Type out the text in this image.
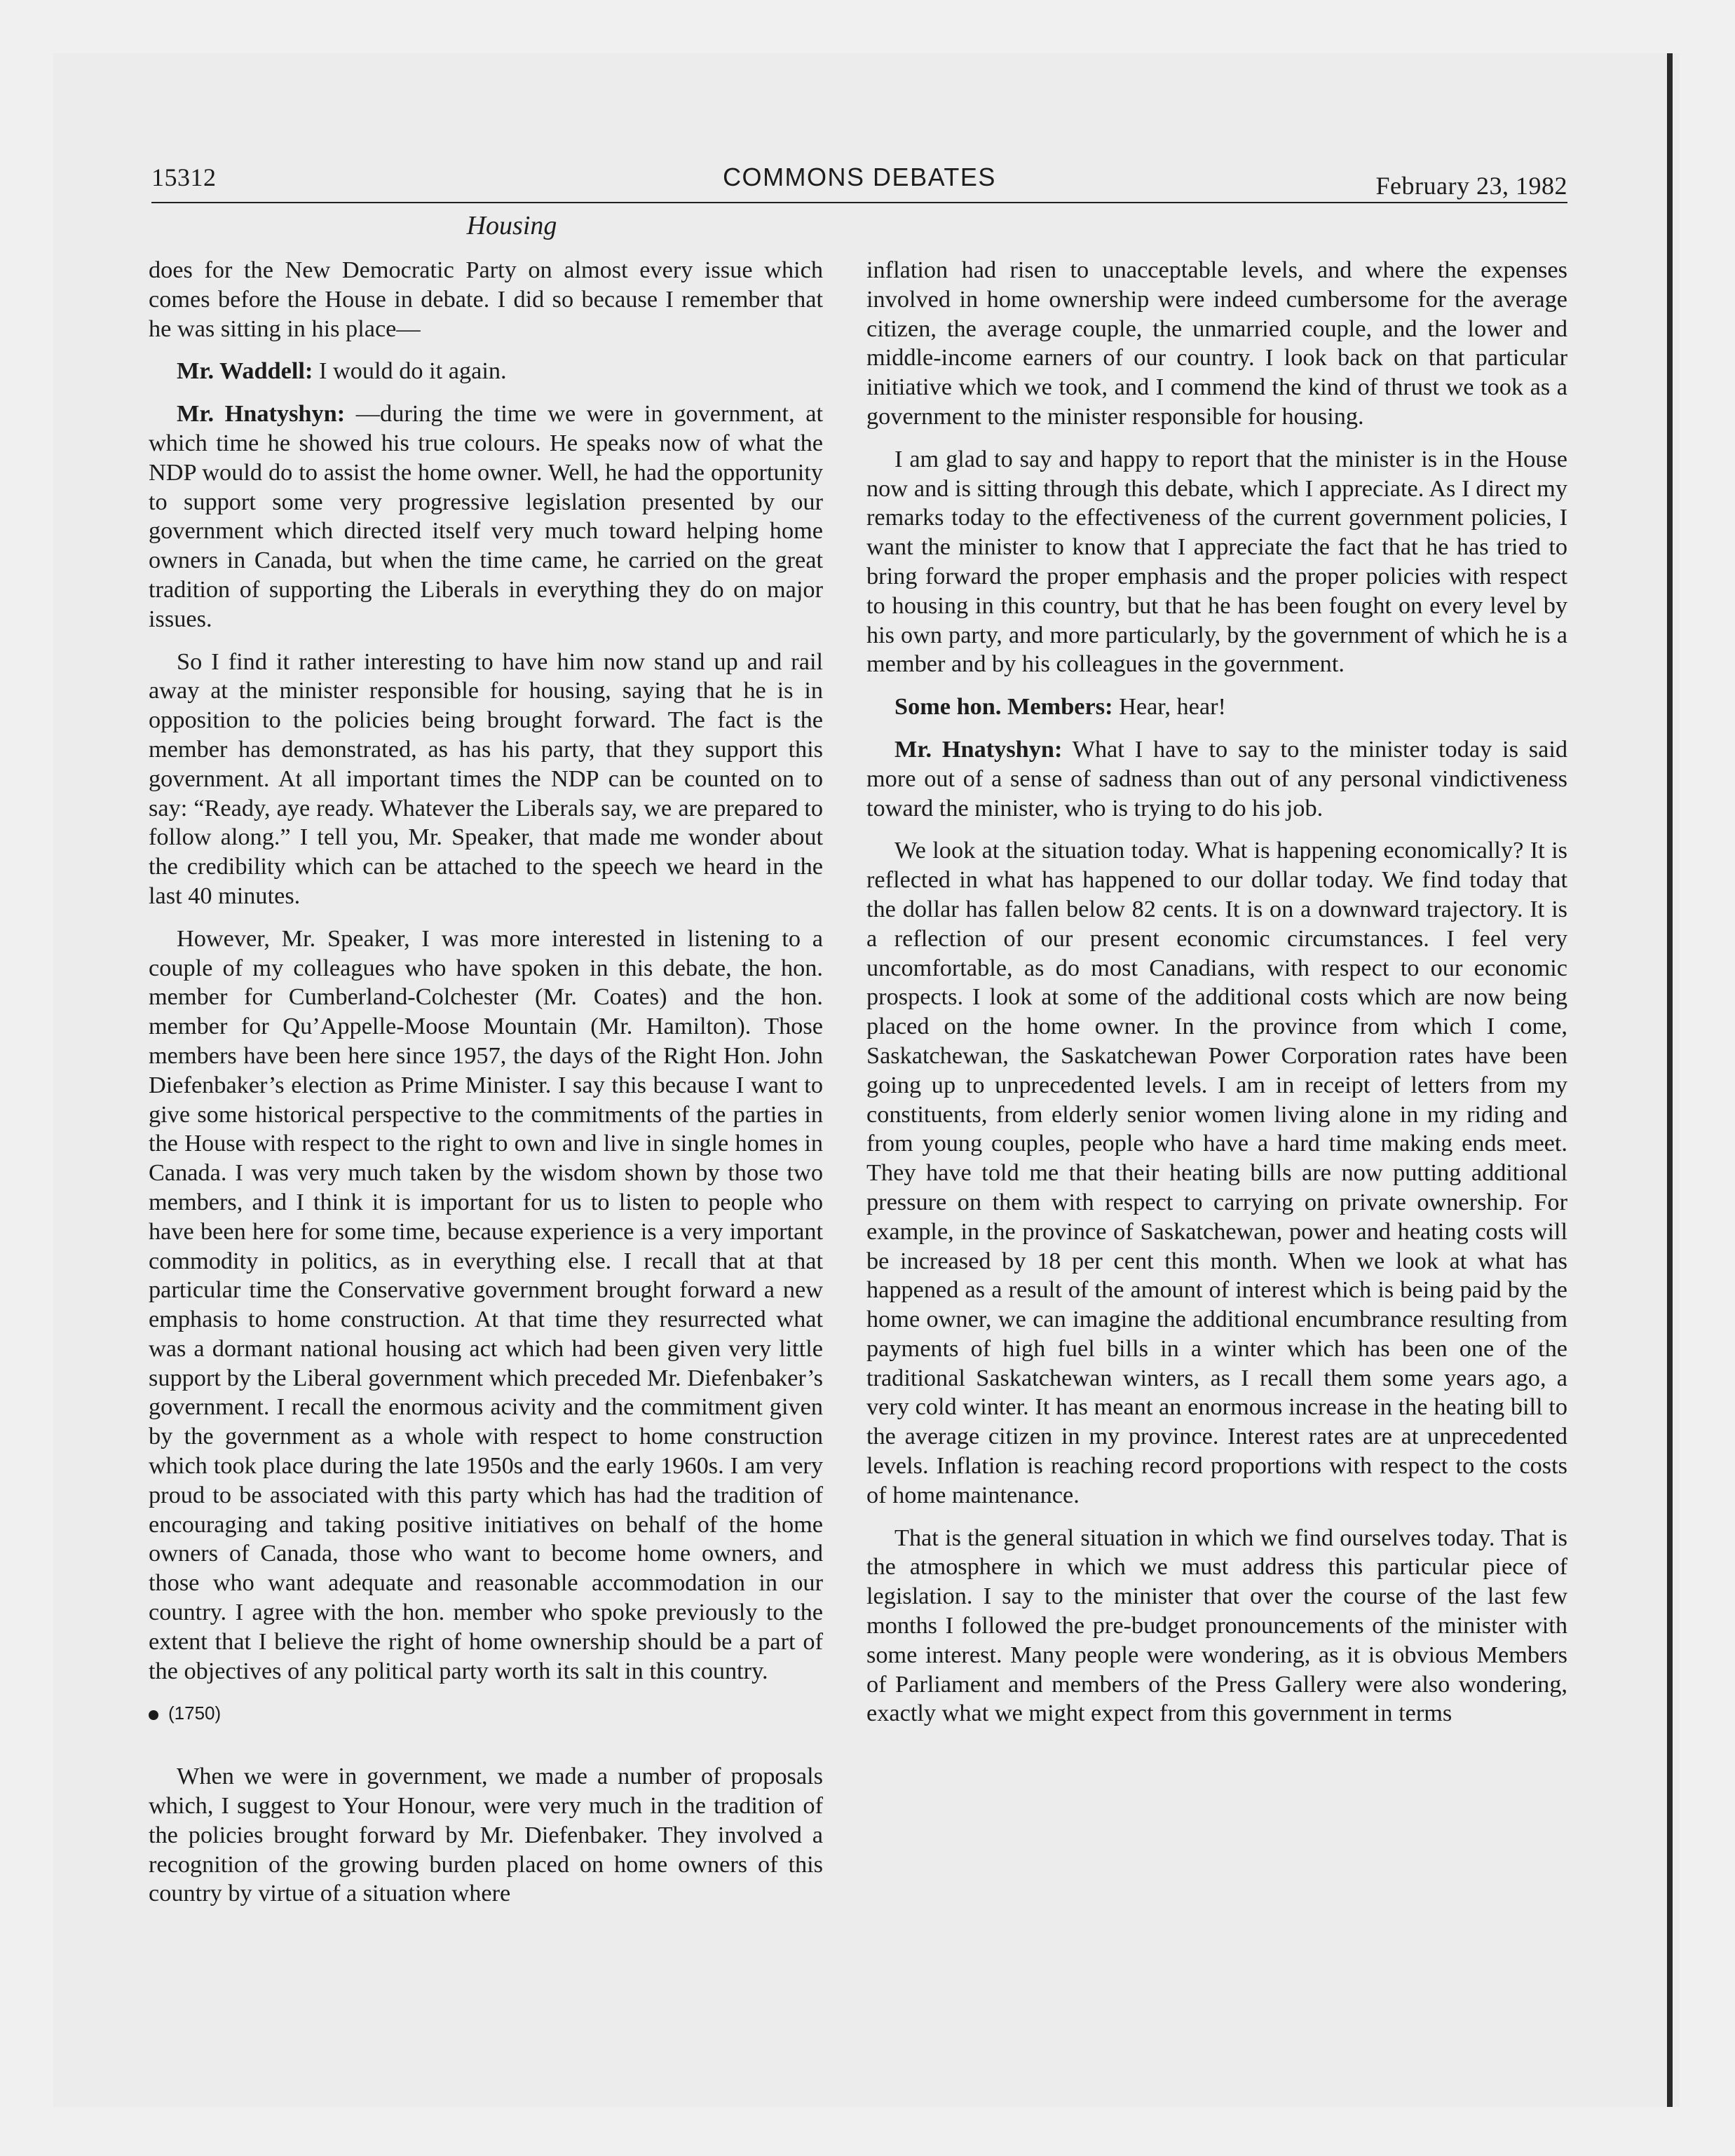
15312	COMMONS DEBATES	February 23, 1982
Housing

does for the New Democratic Party on almost every issue which comes before the House in debate. I did so because I remember that he was sitting in his place—

Mr. Waddell: I would do it again.

Mr. Hnatyshyn: —during the time we were in government, at which time he showed his true colours. He speaks now of what the NDP would do to assist the home owner. Well, he had the opportunity to support some very progressive legislation presented by our government which directed itself very much toward helping home owners in Canada, but when the time came, he carried on the great tradition of supporting the Liberals in everything they do on major issues.

So I find it rather interesting to have him now stand up and rail away at the minister responsible for housing, saying that he is in opposition to the policies being brought forward. The fact is the member has demonstrated, as has his party, that they support this government. At all important times the NDP can be counted on to say: “Ready, aye ready. Whatever the Liberals say, we are prepared to follow along.” I tell you, Mr. Speaker, that made me wonder about the credibility which can be attached to the speech we heard in the last 40 minutes.

However, Mr. Speaker, I was more interested in listening to a couple of my colleagues who have spoken in this debate, the hon. member for Cumberland-Colchester (Mr. Coates) and the hon. member for Qu’Appelle-Moose Mountain (Mr. Hamilton). Those members have been here since 1957, the days of the Right Hon. John Diefenbaker’s election as Prime Minister. I say this because I want to give some historical perspective to the commitments of the parties in the House with respect to the right to own and live in single homes in Canada. I was very much taken by the wisdom shown by those two members, and I think it is important for us to listen to people who have been here for some time, because experience is a very important commodity in politics, as in everything else. I recall that at that particular time the Conservative government brought forward a new emphasis to home construction. At that time they resurrected what was a dormant national housing act which had been given very little support by the Liberal government which preceded Mr. Diefenbaker’s government. I recall the enormous acivity and the commitment given by the government as a whole with respect to home construction which took place during the late 1950s and the early 1960s. I am very proud to be associated with this party which has had the tradition of encouraging and taking positive initiatives on behalf of the home owners of Canada, those who want to become home owners, and those who want adequate and reasonable accommodation in our country. I agree with the hon. member who spoke previously to the extent that I believe the right of home ownership should be a part of the objectives of any political party worth its salt in this country.

(1750)

When we were in government, we made a number of proposals which, I suggest to Your Honour, were very much in the tradition of the policies brought forward by Mr. Diefenbaker. They involved a recognition of the growing burden placed on home owners of this country by virtue of a situation where

inflation had risen to unacceptable levels, and where the expenses involved in home ownership were indeed cumbersome for the average citizen, the average couple, the unmarried couple, and the lower and middle-income earners of our country. I look back on that particular initiative which we took, and I commend the kind of thrust we took as a government to the minister responsible for housing.

I am glad to say and happy to report that the minister is in the House now and is sitting through this debate, which I appreciate. As I direct my remarks today to the effectiveness of the current government policies, I want the minister to know that I appreciate the fact that he has tried to bring forward the proper emphasis and the proper policies with respect to housing in this country, but that he has been fought on every level by his own party, and more particularly, by the government of which he is a member and by his colleagues in the government.

Some hon. Members: Hear, hear!

Mr. Hnatyshyn: What I have to say to the minister today is said more out of a sense of sadness than out of any personal vindictiveness toward the minister, who is trying to do his job.

We look at the situation today. What is happening economically? It is reflected in what has happened to our dollar today. We find today that the dollar has fallen below 82 cents. It is on a downward trajectory. It is a reflection of our present economic circumstances. I feel very uncomfortable, as do most Canadians, with respect to our economic prospects. I look at some of the additional costs which are now being placed on the home owner. In the province from which I come, Saskatchewan, the Saskatchewan Power Corporation rates have been going up to unprecedented levels. I am in receipt of letters from my constituents, from elderly senior women living alone in my riding and from young couples, people who have a hard time making ends meet. They have told me that their heating bills are now putting additional pressure on them with respect to carrying on private ownership. For example, in the province of Saskatchewan, power and heating costs will be increased by 18 per cent this month. When we look at what has happened as a result of the amount of interest which is being paid by the home owner, we can imagine the additional encumbrance resulting from payments of high fuel bills in a winter which has been one of the traditional Saskatchewan winters, as I recall them some years ago, a very cold winter. It has meant an enormous increase in the heating bill to the average citizen in my province. Interest rates are at unprecedented levels. Inflation is reaching record proportions with respect to the costs of home maintenance.

That is the general situation in which we find ourselves today. That is the atmosphere in which we must address this particular piece of legislation. I say to the minister that over the course of the last few months I followed the pre-budget pronouncements of the minister with some interest. Many people were wondering, as it is obvious Members of Parliament and members of the Press Gallery were also wondering, exactly what we might expect from this government in terms
